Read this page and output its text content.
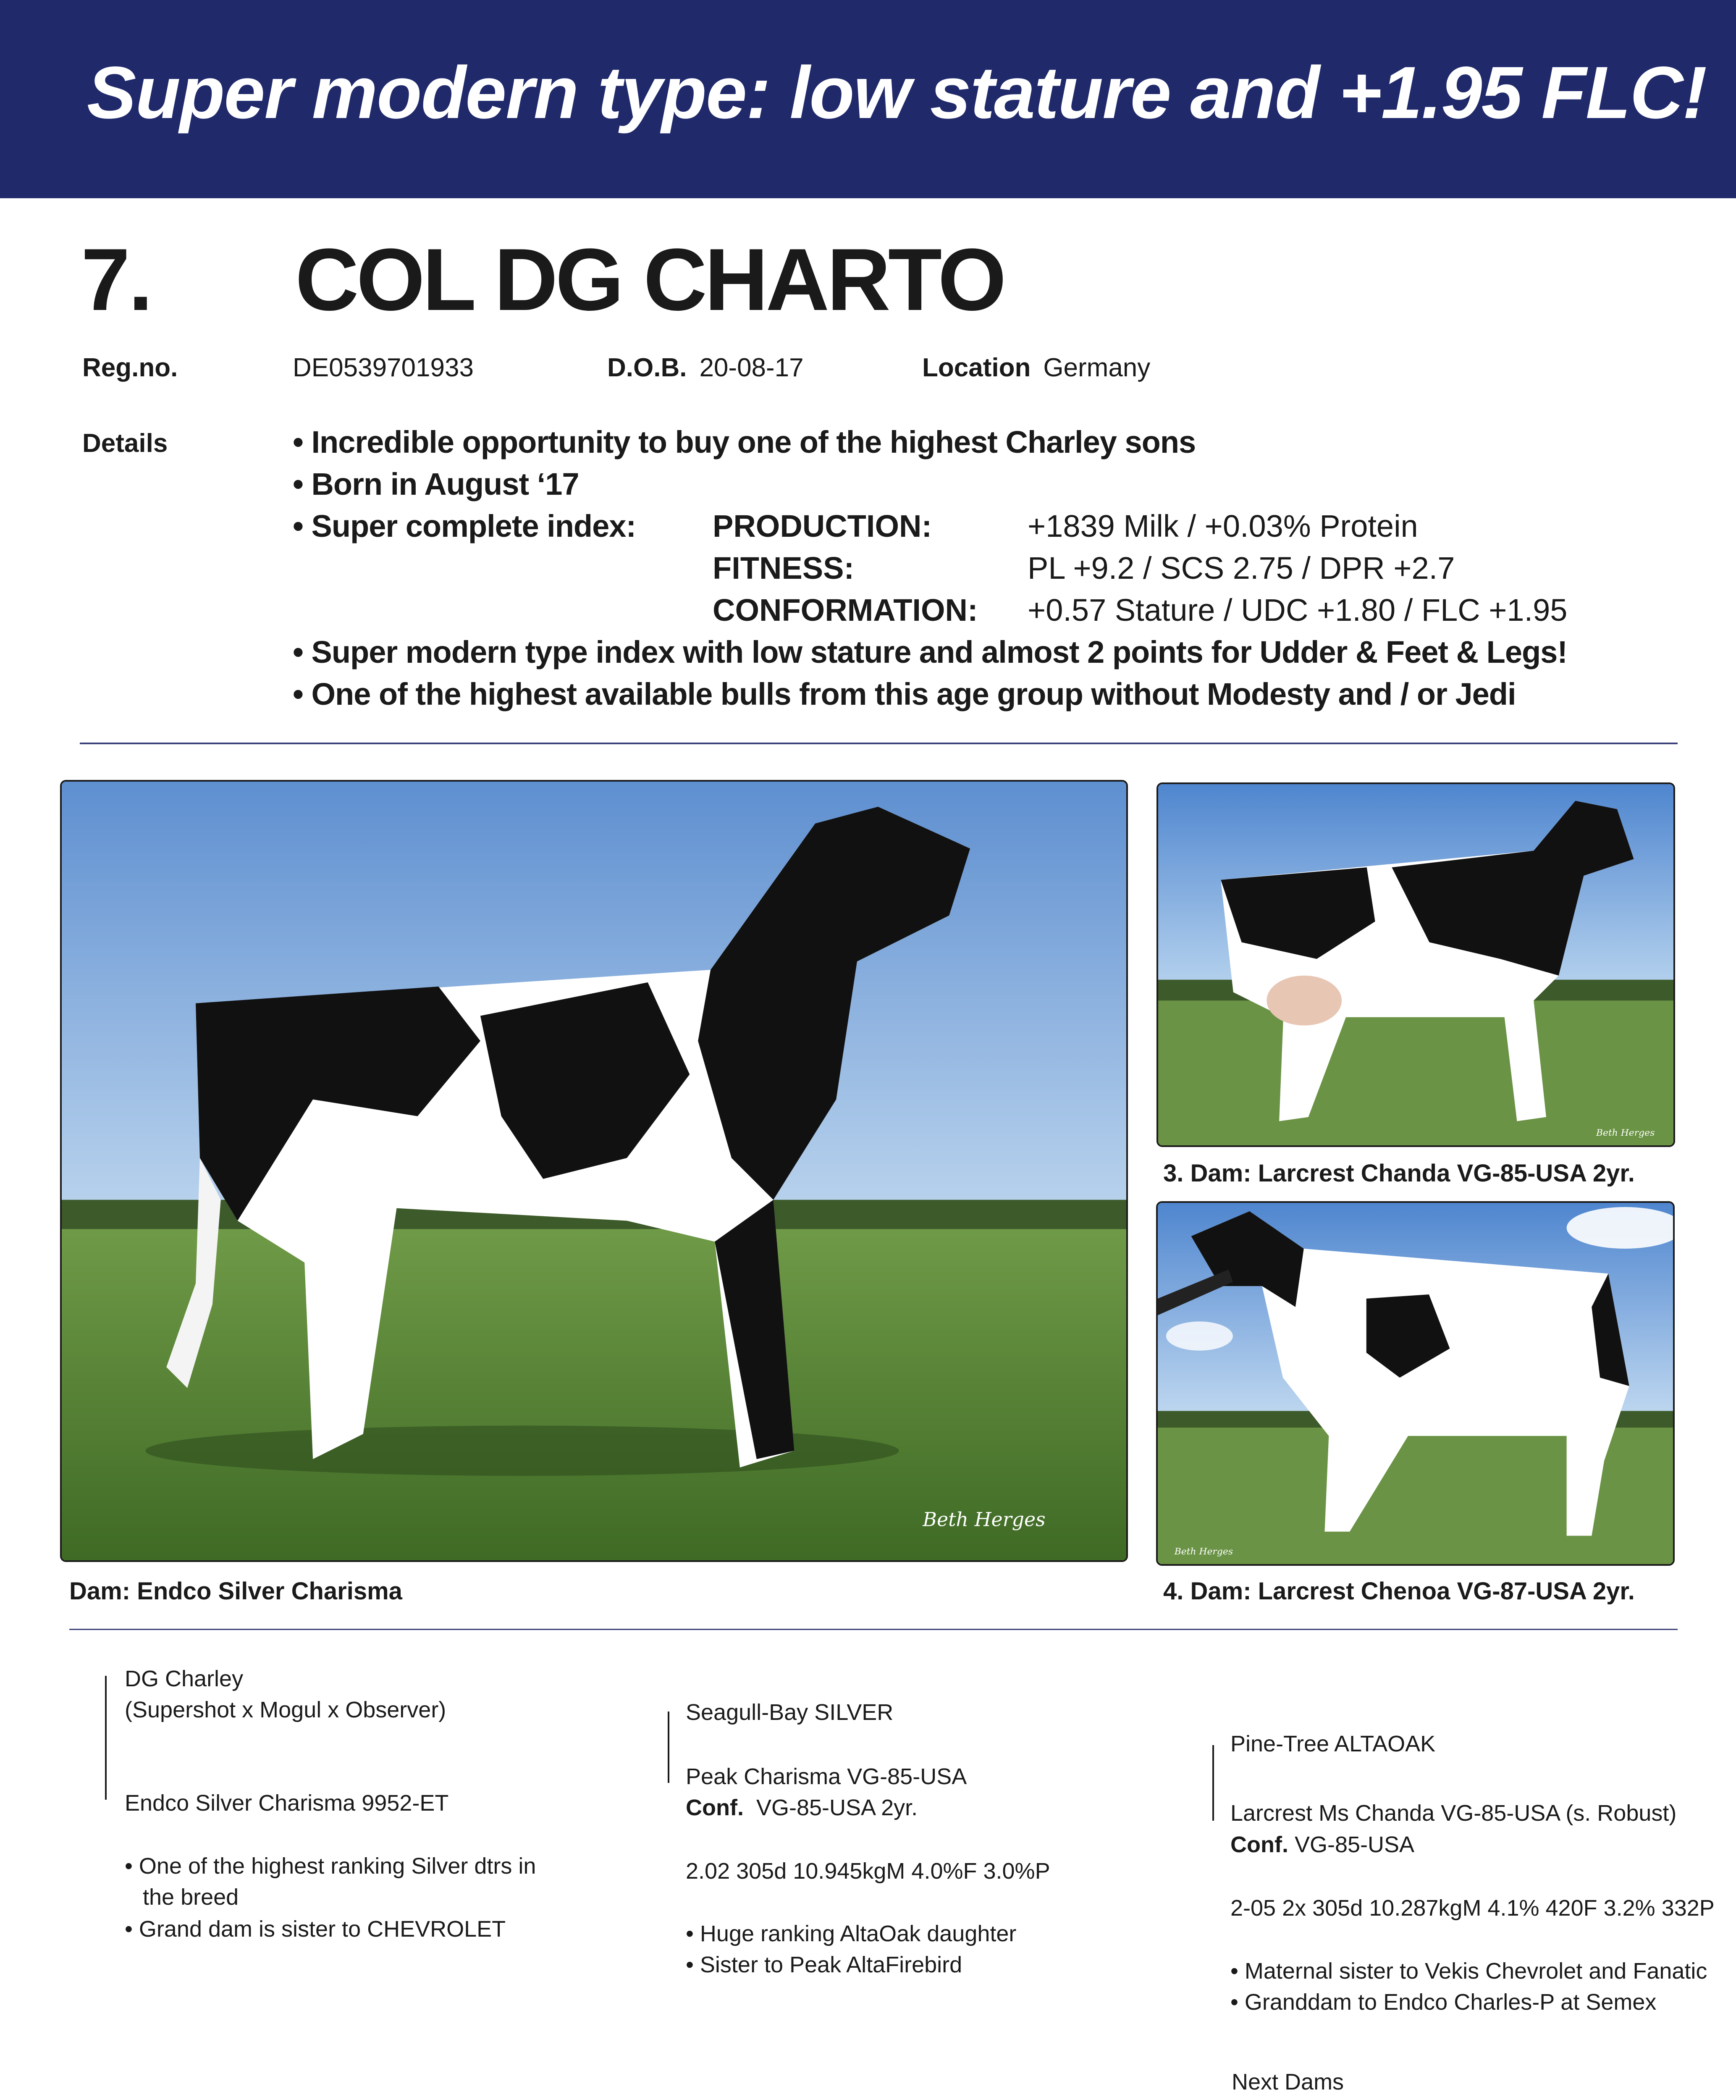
Super modern type: low stature and +1.95 FLC!
7. COL DG CHARTO
Reg.no.	DE0539701933	D.O.B. 20-08-17	Location Germany
Details	• Incredible opportunity to buy one of the highest Charley sons
• Born in August ‘17
• Super complete index: PRODUCTION:	+1839 Milk / +0.03% Protein
FITNESS:	PL +9.2 / SCS 2.75 / DPR +2.7
CONFORMATION: +0.57 Stature / UDC +1.80 / FLC +1.95
• Super modern type index with low stature and almost 2 points for Udder & Feet & Legs!
• One of the highest available bulls from this age group without Modesty and / or Jedi
Beth Herges
Dam: Endco Silver Charisma
Beth Herges
3. Dam: Larcrest Chanda VG-85-USA 2yr.
Beth Herges
4. Dam: Larcrest Chenoa VG-87-USA 2yr.
DG Charley
(Supershot x Mogul x Observer)
Endco Silver Charisma 9952-ET
• One of the highest ranking Silver dtrs in
the breed
• Grand dam is sister to CHEVROLET
Seagull-Bay SILVER
Peak Charisma VG-85-USA
Conf. VG-85-USA 2yr.
2.02 305d 10.945kgM 4.0%F 3.0%P
• Huge ranking AltaOak daughter
• Sister to Peak AltaFirebird
Pine-Tree ALTAOAK
Larcrest Ms Chanda VG-85-USA (s. Robust)
Conf. VG-85-USA
2-05 2x 305d 10.287kgM 4.1% 420F 3.2% 332P
• Maternal sister to Vekis Chevrolet and Fanatic
• Granddam to Endco Charles-P at Semex
Next Dams
